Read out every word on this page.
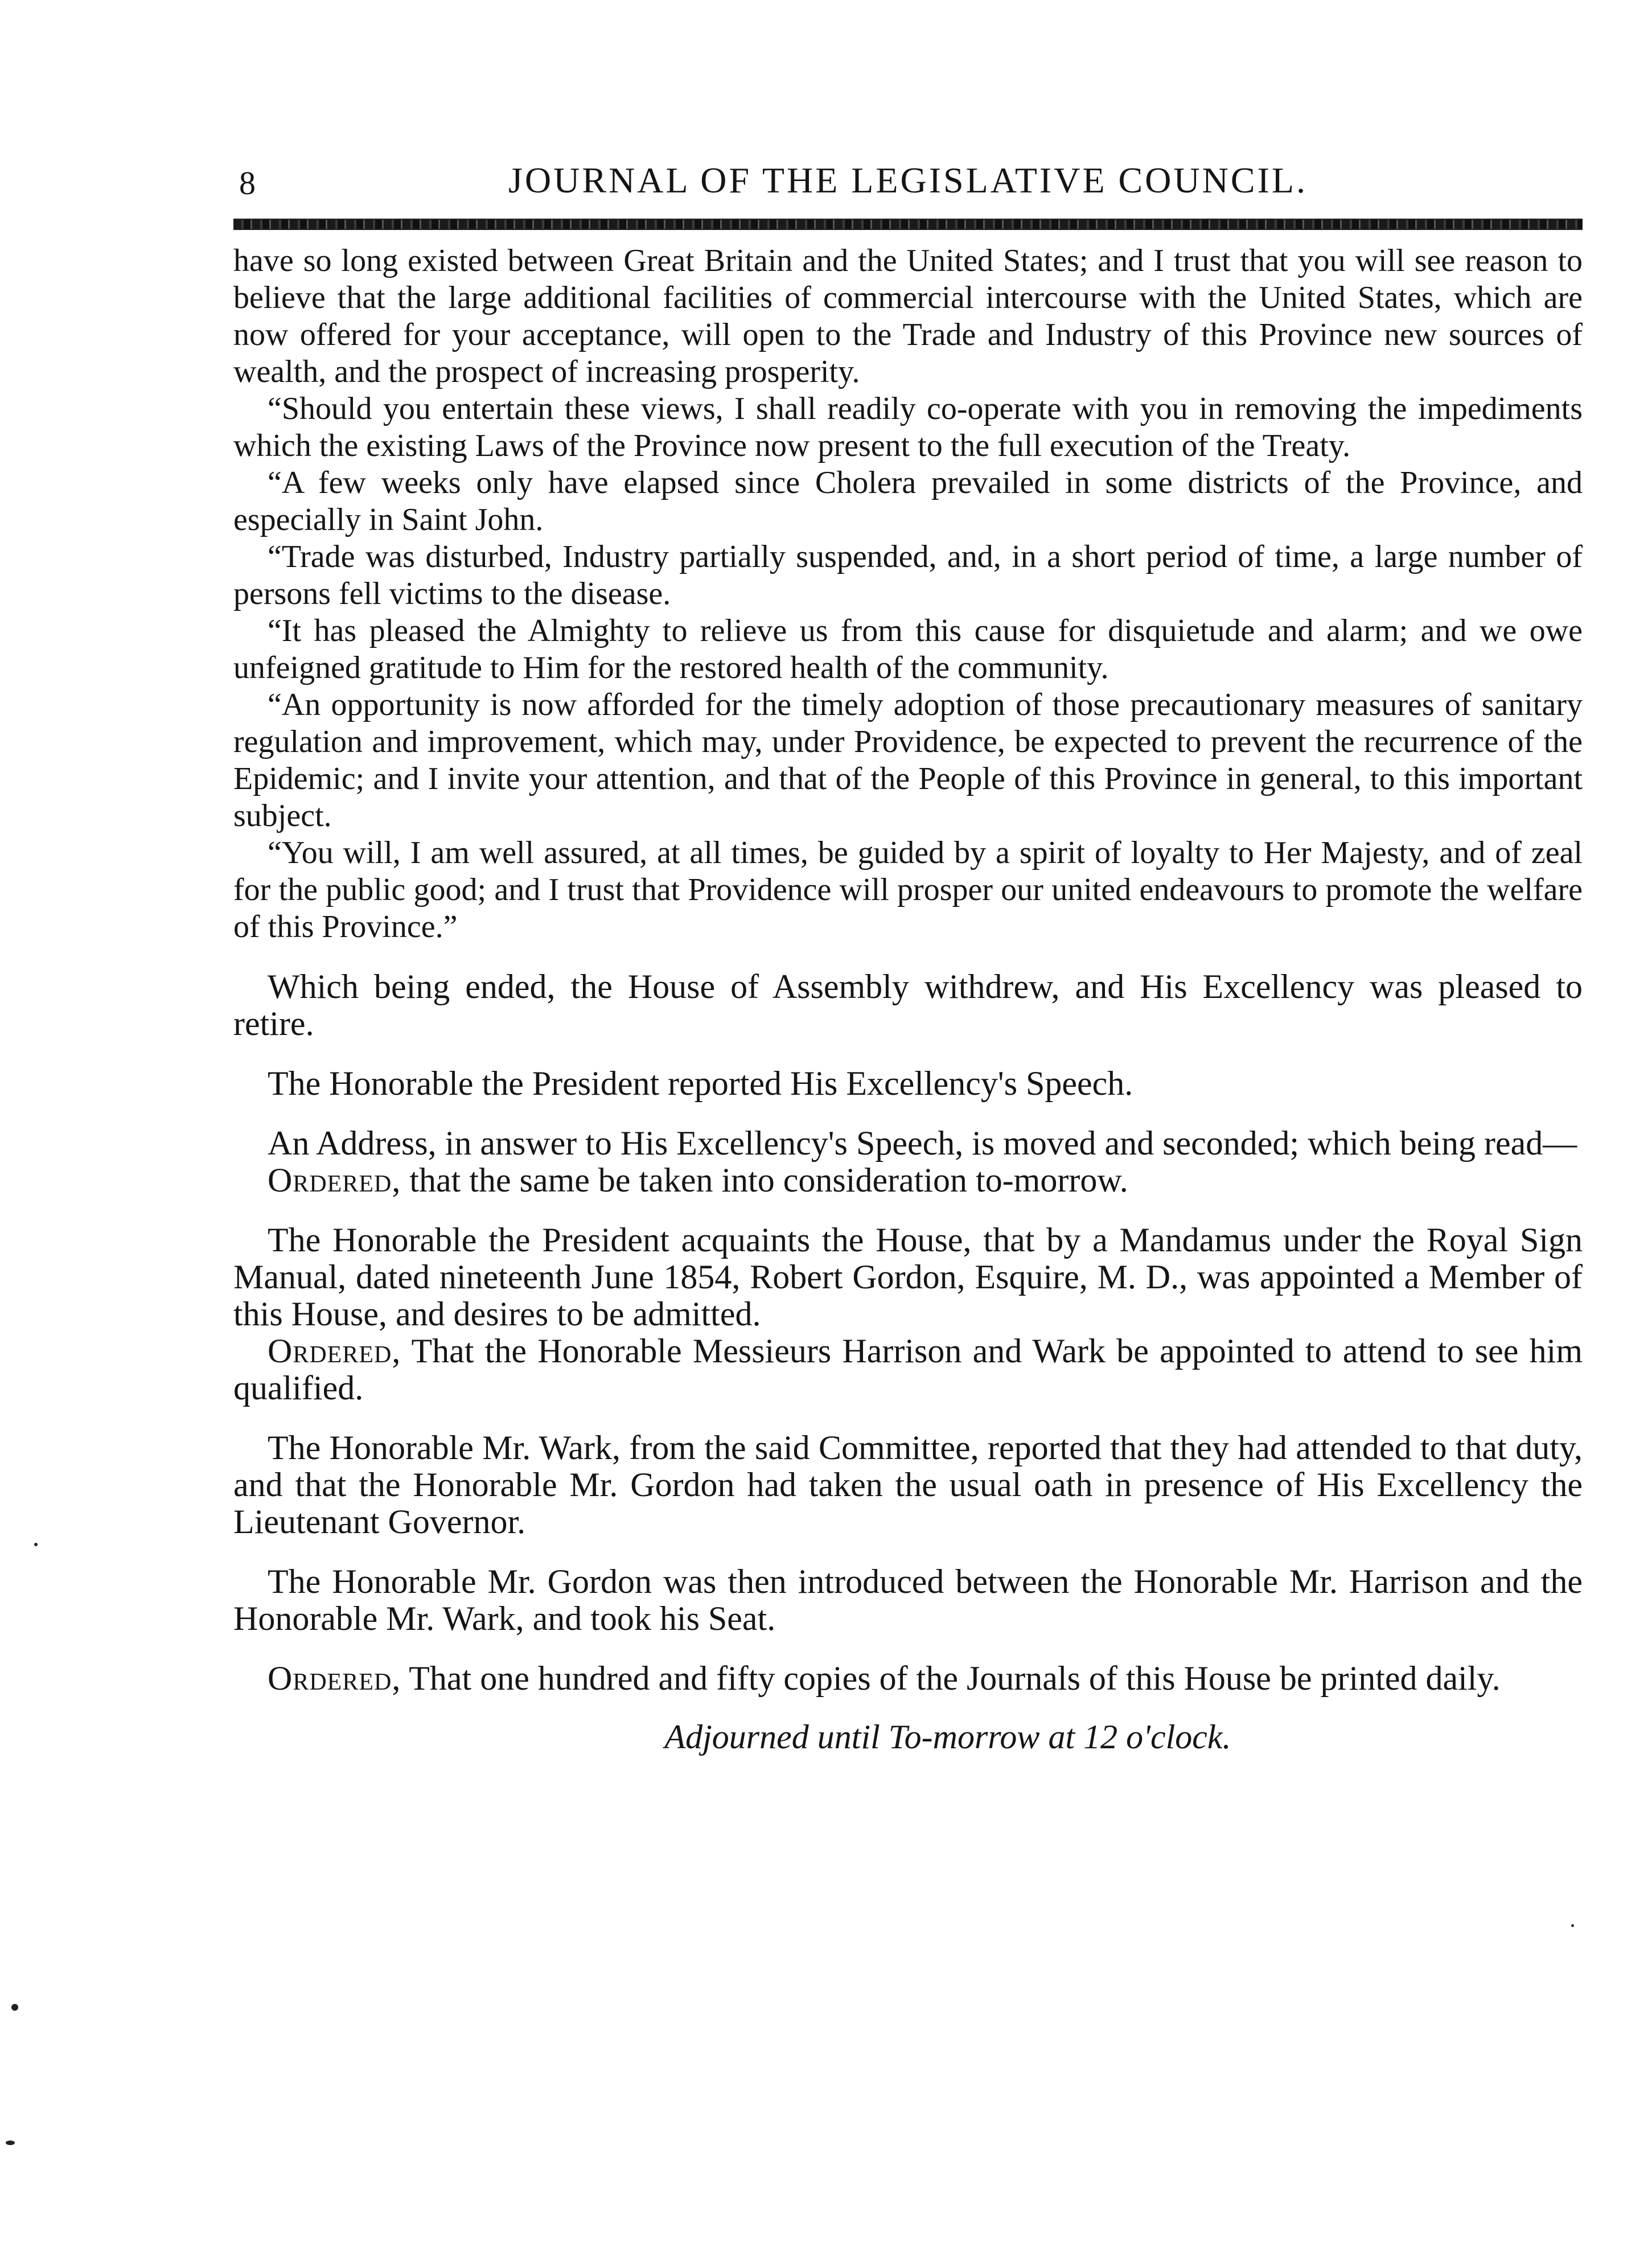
8	JOURNAL OF THE LEGISLATIVE COUNCIL.

have so long existed between Great Britain and the United States; and I trust that you will see reason to believe that the large additional facilities of commercial intercourse with the United States, which are now offered for your acceptance, will open to the Trade and Industry of this Province new sources of wealth, and the prospect of increasing prosperity.

“Should you entertain these views, I shall readily co-operate with you in removing the impediments which the existing Laws of the Province now present to the full execution of the Treaty.

“A few weeks only have elapsed since Cholera prevailed in some districts of the Province, and especially in Saint John.

“Trade was disturbed, Industry partially suspended, and, in a short period of time, a large number of persons fell victims to the disease.

“It has pleased the Almighty to relieve us from this cause for disquietude and alarm; and we owe unfeigned gratitude to Him for the restored health of the community.

“An opportunity is now afforded for the timely adoption of those precautionary measures of sanitary regulation and improvement, which may, under Providence, be expected to prevent the recurrence of the Epidemic; and I invite your attention, and that of the People of this Province in general, to this important subject.

“You will, I am well assured, at all times, be guided by a spirit of loyalty to Her Majesty, and of zeal for the public good; and I trust that Providence will prosper our united endeavours to promote the welfare of this Province.”

Which being ended, the House of Assembly withdrew, and His Excellency was pleased to retire.

The Honorable the President reported His Excellency's Speech.

An Address, in answer to His Excellency's Speech, is moved and seconded; which being read—

Ordered, that the same be taken into consideration to-morrow.

The Honorable the President acquaints the House, that by a Mandamus under the Royal Sign Manual, dated nineteenth June 1854, Robert Gordon, Esquire, M. D., was appointed a Member of this House, and desires to be admitted.

Ordered, That the Honorable Messieurs Harrison and Wark be appointed to attend to see him qualified.

The Honorable Mr. Wark, from the said Committee, reported that they had attended to that duty, and that the Honorable Mr. Gordon had taken the usual oath in presence of His Excellency the Lieutenant Governor.

The Honorable Mr. Gordon was then introduced between the Honorable Mr. Harrison and the Honorable Mr. Wark, and took his Seat.

Ordered, That one hundred and fifty copies of the Journals of this House be printed daily.

Adjourned until To-morrow at 12 o'clock.
